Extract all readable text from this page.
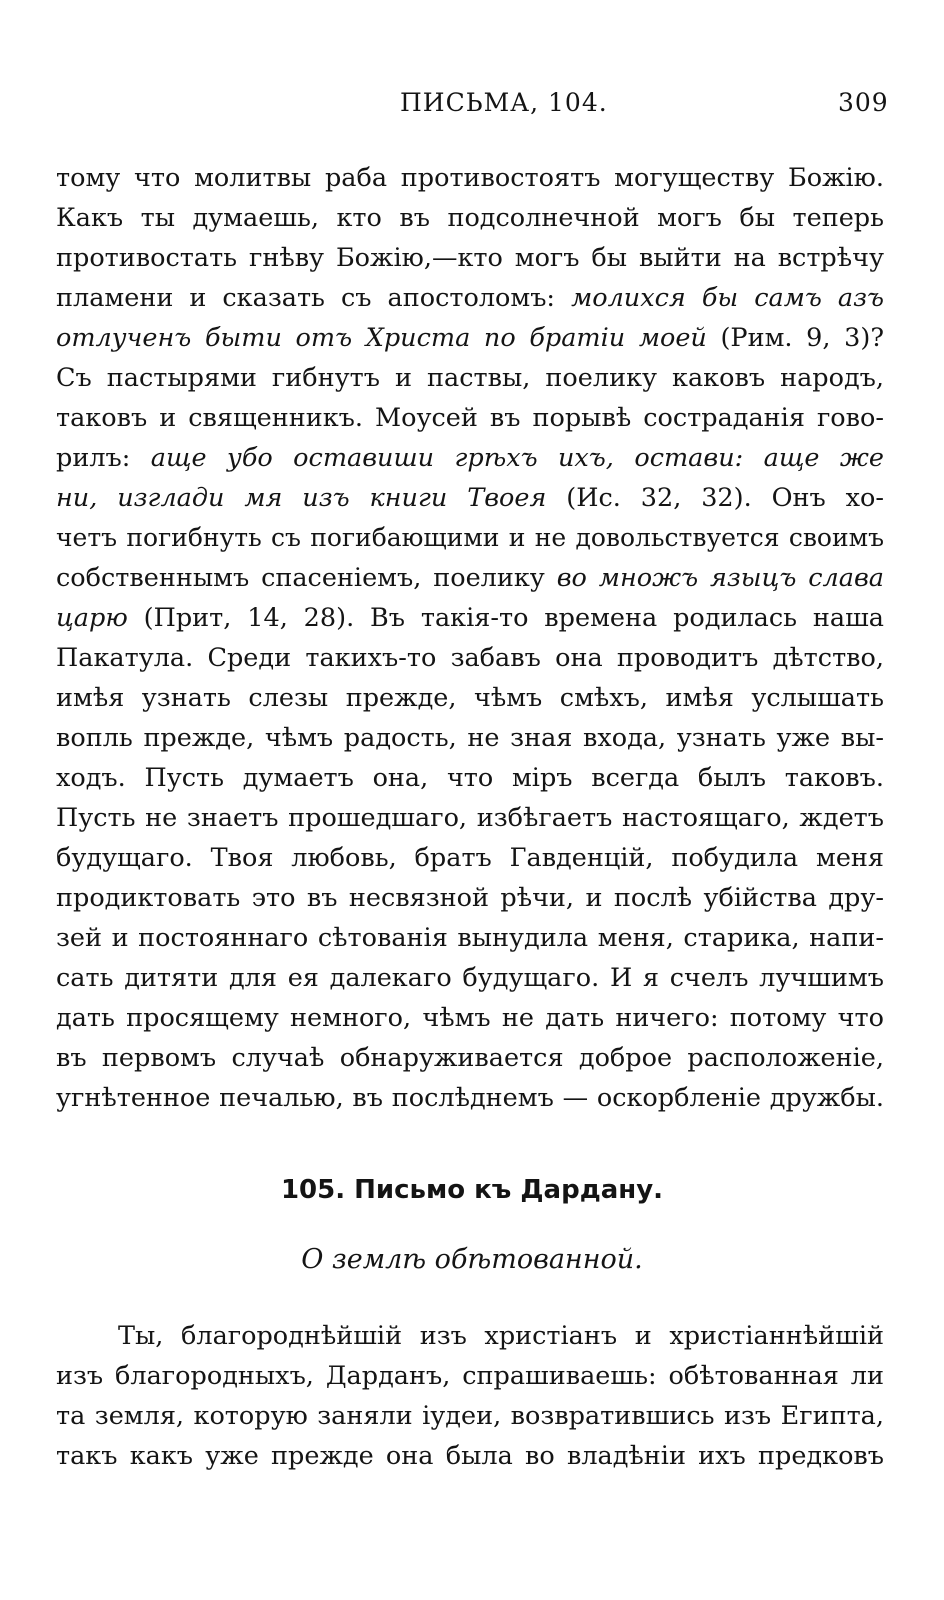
ПИСЬМА, 104.	309
тому что молитвы раба противостоятъ могуществу Божію.
Какъ ты думаешь, кто въ подсолнечной могъ бы теперь
противостать гнѣву Божію,—кто могъ бы выйти на встрѣчу
пламени и сказать съ апостоломъ: молихся бы самъ азъ
отлученъ быти отъ Христа по братіи моей (Рим. 9, 3)?
Съ пастырями гибнутъ и паствы, поелику каковъ народъ,
таковъ и священникъ. Моусей въ порывѣ состраданія гово-
рилъ: аще убо оставиши грѣхъ ихъ, остави: аще же
ни, изглади мя изъ книги Твоея (Ис. 32, 32). Онъ хо-
четъ погибнуть съ погибающими и не довольствуется своимъ
собственнымъ спасеніемъ, поелику во множъ языцъ слава
царю (Прит, 14, 28). Въ такія-то времена родилась наша
Пакатула. Среди такихъ-то забавъ она проводитъ дѣтство,
имѣя узнать слезы прежде, чѣмъ смѣхъ, имѣя услышать
вопль прежде, чѣмъ радость, не зная входа, узнать уже вы-
ходъ. Пусть думаетъ она, что міръ всегда былъ таковъ.
Пусть не знаетъ прошедшаго, избѣгаетъ настоящаго, ждетъ
будущаго. Твоя любовь, братъ Гавденцій, побудила меня
продиктовать это въ несвязной рѣчи, и послѣ убійства дру-
зей и постояннаго сѣтованія вынудила меня, старика, напи-
сать дитяти для ея далекаго будущаго. И я счелъ лучшимъ
дать просящему немного, чѣмъ не дать ничего: потому что
въ первомъ случаѣ обнаруживается доброе расположеніе,
угнѣтенное печалью, въ послѣднемъ — оскорбленіе дружбы.
105. Письмо къ Дардану.
О землѣ обѣтованной.
Ты, благороднѣйшій изъ христіанъ и христіаннѣйшій
изъ благородныхъ, Дарданъ, спрашиваешь: обѣтованная ли
та земля, которую заняли іудеи, возвратившись изъ Египта,
такъ какъ уже прежде она была во владѣніи ихъ предковъ
